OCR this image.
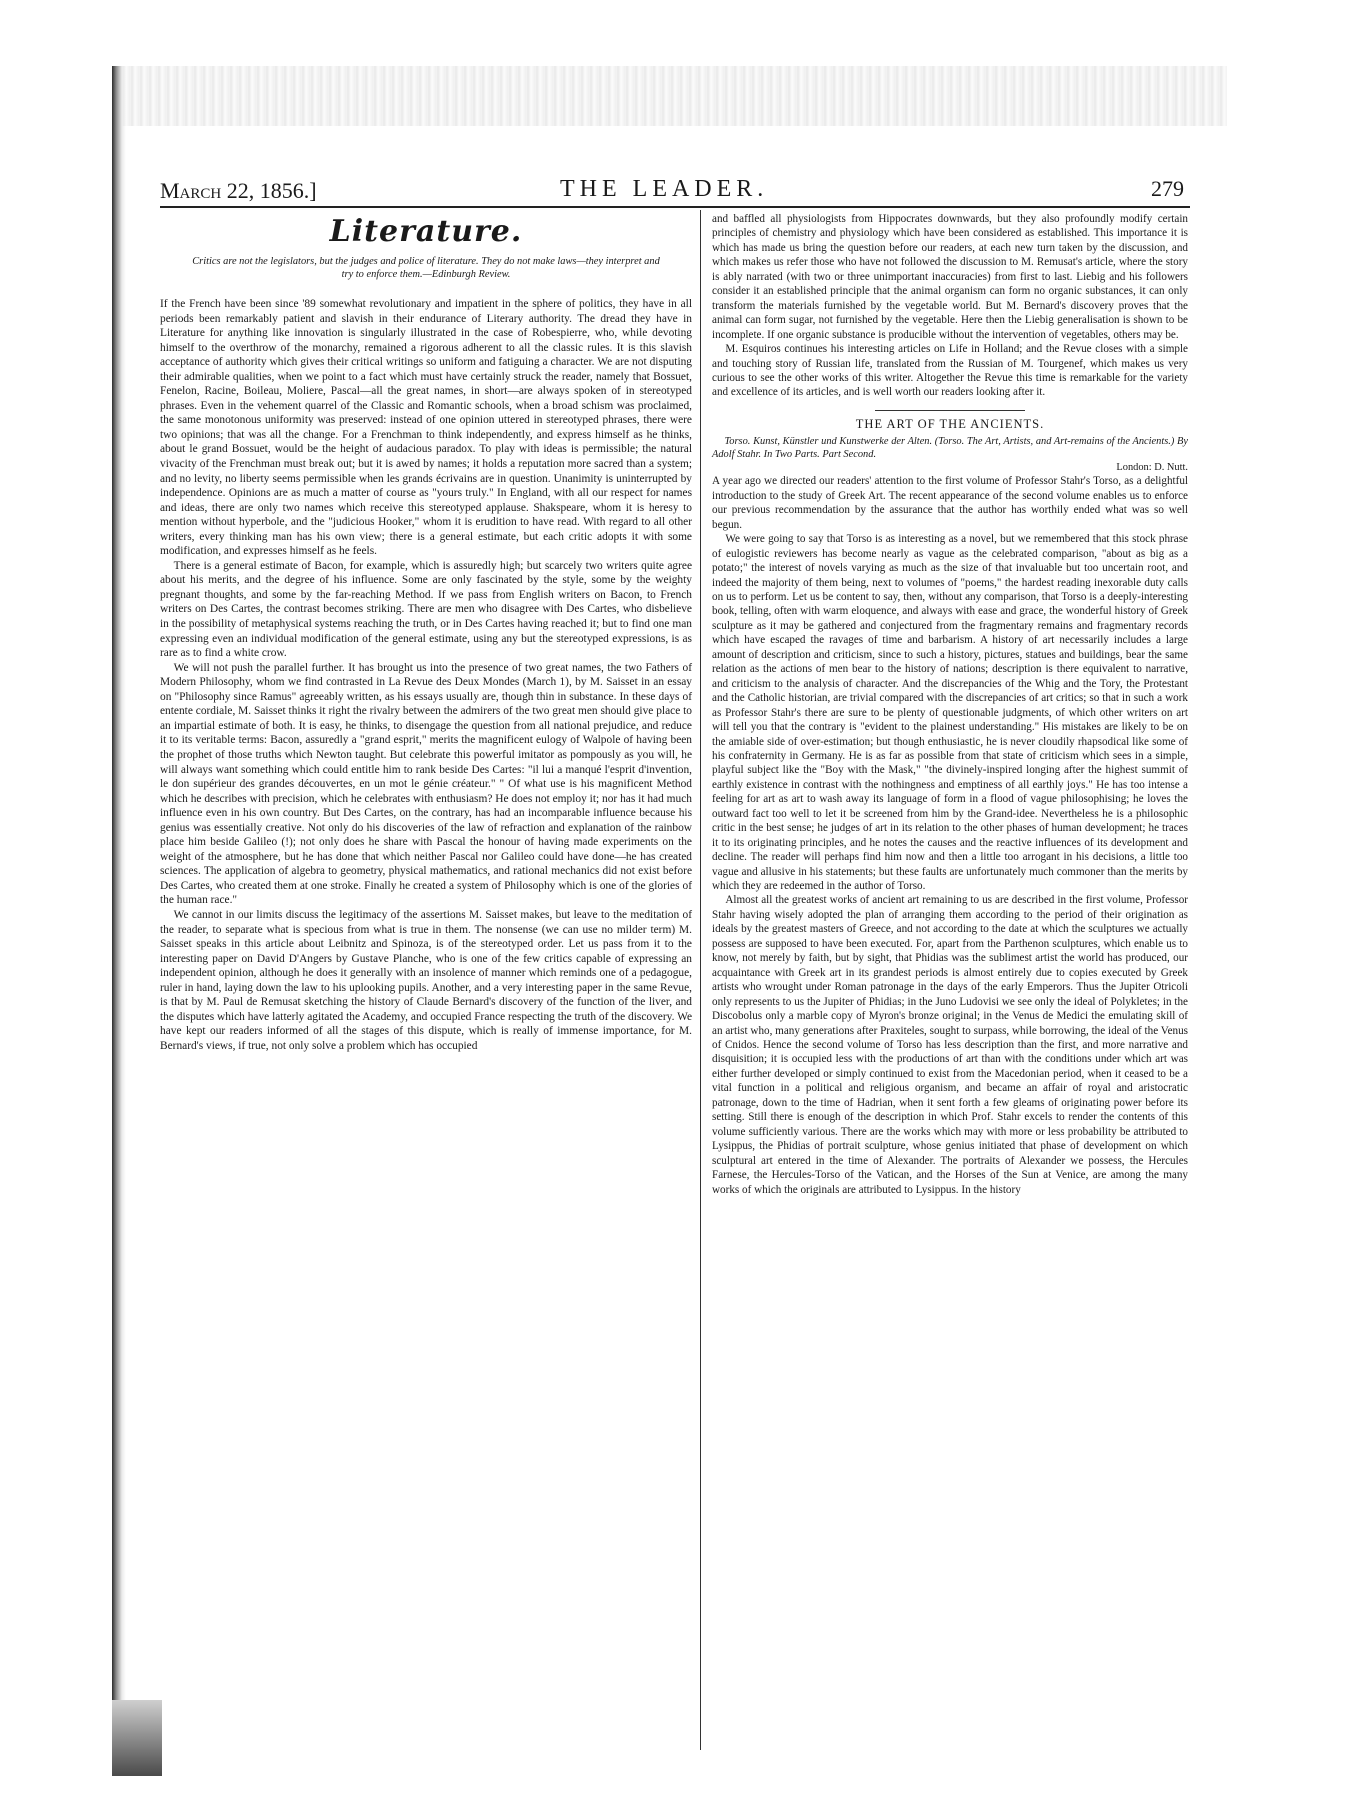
March 22, 1856.]	THE LEADER.	279
Literature.
Critics are not the legislators, but the judges and police of literature. They do not make laws—they interpret and try to enforce them.—Edinburgh Review.

If the French have been since '89 somewhat revolutionary and impatient in the sphere of politics, they have in all periods been remarkably patient and slavish in their endurance of Literary authority. The dread they have in Literature for anything like innovation is singularly illustrated in the case of Robespierre, who, while devoting himself to the overthrow of the monarchy, remained a rigorous adherent to all the classic rules. It is this slavish acceptance of authority which gives their critical writings so uniform and fatiguing a character. We are not disputing their admirable qualities, when we point to a fact which must have certainly struck the reader, namely that Bossuet, Fenelon, Racine, Boileau, Moliere, Pascal—all the great names, in short—are always spoken of in stereotyped phrases. Even in the vehement quarrel of the Classic and Romantic schools, when a broad schism was proclaimed, the same monotonous uniformity was preserved: instead of one opinion uttered in stereotyped phrases, there were two opinions; that was all the change. For a Frenchman to think independently, and express himself as he thinks, about le grand Bossuet, would be the height of audacious paradox. To play with ideas is permissible; the natural vivacity of the Frenchman must break out; but it is awed by names; it holds a reputation more sacred than a system; and no levity, no liberty seems permissible when les grands écrivains are in question. Unanimity is uninterrupted by independence. Opinions are as much a matter of course as "yours truly." In England, with all our respect for names and ideas, there are only two names which receive this stereotyped applause. Shakspeare, whom it is heresy to mention without hyperbole, and the "judicious Hooker," whom it is erudition to have read. With regard to all other writers, every thinking man has his own view; there is a general estimate, but each critic adopts it with some modification, and expresses himself as he feels.

There is a general estimate of Bacon, for example, which is assuredly high; but scarcely two writers quite agree about his merits, and the degree of his influence. Some are only fascinated by the style, some by the weighty pregnant thoughts, and some by the far-reaching Method. If we pass from English writers on Bacon, to French writers on Des Cartes, the contrast becomes striking. There are men who disagree with Des Cartes, who disbelieve in the possibility of metaphysical systems reaching the truth, or in Des Cartes having reached it; but to find one man expressing even an individual modification of the general estimate, using any but the stereotyped expressions, is as rare as to find a white crow.

We will not push the parallel further. It has brought us into the presence of two great names, the two Fathers of Modern Philosophy, whom we find contrasted in La Revue des Deux Mondes (March 1), by M. Saisset in an essay on "Philosophy since Ramus" agreeably written, as his essays usually are, though thin in substance. In these days of entente cordiale, M. Saisset thinks it right the rivalry between the admirers of the two great men should give place to an impartial estimate of both. It is easy, he thinks, to disengage the question from all national prejudice, and reduce it to its veritable terms: Bacon, assuredly a "grand esprit," merits the magnificent eulogy of Walpole of having been the prophet of those truths which Newton taught. But celebrate this powerful imitator as pompously as you will, he will always want something which could entitle him to rank beside Des Cartes: "il lui a manqué l'esprit d'invention, le don supérieur des grandes découvertes, en un mot le génie créateur." " Of what use is his magnificent Method which he describes with precision, which he celebrates with enthusiasm? He does not employ it; nor has it had much influence even in his own country. But Des Cartes, on the contrary, has had an incomparable influence because his genius was essentially creative. Not only do his discoveries of the law of refraction and explanation of the rainbow place him beside Galileo (!); not only does he share with Pascal the honour of having made experiments on the weight of the atmosphere, but he has done that which neither Pascal nor Galileo could have done—he has created sciences. The application of algebra to geometry, physical mathematics, and rational mechanics did not exist before Des Cartes, who created them at one stroke. Finally he created a system of Philosophy which is one of the glories of the human race."

We cannot in our limits discuss the legitimacy of the assertions M. Saisset makes, but leave to the meditation of the reader, to separate what is specious from what is true in them. The nonsense (we can use no milder term) M. Saisset speaks in this article about Leibnitz and Spinoza, is of the stereotyped order. Let us pass from it to the interesting paper on David D'Angers by Gustave Planche, who is one of the few critics capable of expressing an independent opinion, although he does it generally with an insolence of manner which reminds one of a pedagogue, ruler in hand, laying down the law to his uplooking pupils. Another, and a very interesting paper in the same Revue, is that by M. Paul de Remusat sketching the history of Claude Bernard's discovery of the function of the liver, and the disputes which have latterly agitated the Academy, and occupied France respecting the truth of the discovery. We have kept our readers informed of all the stages of this dispute, which is really of immense importance, for M. Bernard's views, if true, not only solve a problem which has occupied

and baffled all physiologists from Hippocrates downwards, but they also profoundly modify certain principles of chemistry and physiology which have been considered as established. This importance it is which has made us bring the question before our readers, at each new turn taken by the discussion, and which makes us refer those who have not followed the discussion to M. Remusat's article, where the story is ably narrated (with two or three unimportant inaccuracies) from first to last. Liebig and his followers consider it an established principle that the animal organism can form no organic substances, it can only transform the materials furnished by the vegetable world. But M. Bernard's discovery proves that the animal can form sugar, not furnished by the vegetable. Here then the Liebig generalisation is shown to be incomplete. If one organic substance is producible without the intervention of vegetables, others may be.

M. Esquiros continues his interesting articles on Life in Holland; and the Revue closes with a simple and touching story of Russian life, translated from the Russian of M. Tourgenef, which makes us very curious to see the other works of this writer. Altogether the Revue this time is remarkable for the variety and excellence of its articles, and is well worth our readers looking after it.

THE ART OF THE ANCIENTS.

Torso. Kunst, Künstler und Kunstwerke der Alten. (Torso. The Art, Artists, and Art-remains of the Ancients.) By Adolf Stahr. In Two Parts. Part Second.
London: D. Nutt.

A year ago we directed our readers' attention to the first volume of Professor Stahr's Torso, as a delightful introduction to the study of Greek Art. The recent appearance of the second volume enables us to enforce our previous recommendation by the assurance that the author has worthily ended what was so well begun.

We were going to say that Torso is as interesting as a novel, but we remembered that this stock phrase of eulogistic reviewers has become nearly as vague as the celebrated comparison, "about as big as a potato;" the interest of novels varying as much as the size of that invaluable but too uncertain root, and indeed the majority of them being, next to volumes of "poems," the hardest reading inexorable duty calls on us to perform. Let us be content to say, then, without any comparison, that Torso is a deeply-interesting book, telling, often with warm eloquence, and always with ease and grace, the wonderful history of Greek sculpture as it may be gathered and conjectured from the fragmentary remains and fragmentary records which have escaped the ravages of time and barbarism. A history of art necessarily includes a large amount of description and criticism, since to such a history, pictures, statues and buildings, bear the same relation as the actions of men bear to the history of nations; description is there equivalent to narrative, and criticism to the analysis of character. And the discrepancies of the Whig and the Tory, the Protestant and the Catholic historian, are trivial compared with the discrepancies of art critics; so that in such a work as Professor Stahr's there are sure to be plenty of questionable judgments, of which other writers on art will tell you that the contrary is "evident to the plainest understanding." His mistakes are likely to be on the amiable side of over-estimation; but though enthusiastic, he is never cloudily rhapsodical like some of his confraternity in Germany. He is as far as possible from that state of criticism which sees in a simple, playful subject like the "Boy with the Mask," "the divinely-inspired longing after the highest summit of earthly existence in contrast with the nothingness and emptiness of all earthly joys." He has too intense a feeling for art as art to wash away its language of form in a flood of vague philosophising; he loves the outward fact too well to let it be screened from him by the Grand-idee. Nevertheless he is a philosophic critic in the best sense; he judges of art in its relation to the other phases of human development; he traces it to its originating principles, and he notes the causes and the reactive influences of its development and decline. The reader will perhaps find him now and then a little too arrogant in his decisions, a little too vague and allusive in his statements; but these faults are unfortunately much commoner than the merits by which they are redeemed in the author of Torso.

Almost all the greatest works of ancient art remaining to us are described in the first volume, Professor Stahr having wisely adopted the plan of arranging them according to the period of their origination as ideals by the greatest masters of Greece, and not according to the date at which the sculptures we actually possess are supposed to have been executed. For, apart from the Parthenon sculptures, which enable us to know, not merely by faith, but by sight, that Phidias was the sublimest artist the world has produced, our acquaintance with Greek art in its grandest periods is almost entirely due to copies executed by Greek artists who wrought under Roman patronage in the days of the early Emperors. Thus the Jupiter Otricoli only represents to us the Jupiter of Phidias; in the Juno Ludovisi we see only the ideal of Polykletes; in the Discobolus only a marble copy of Myron's bronze original; in the Venus de Medici the emulating skill of an artist who, many generations after Praxiteles, sought to surpass, while borrowing, the ideal of the Venus of Cnidos. Hence the second volume of Torso has less description than the first, and more narrative and disquisition; it is occupied less with the productions of art than with the conditions under which art was either further developed or simply continued to exist from the Macedonian period, when it ceased to be a vital function in a political and religious organism, and became an affair of royal and aristocratic patronage, down to the time of Hadrian, when it sent forth a few gleams of originating power before its setting. Still there is enough of the description in which Prof. Stahr excels to render the contents of this volume sufficiently various. There are the works which may with more or less probability be attributed to Lysippus, the Phidias of portrait sculpture, whose genius initiated that phase of development on which sculptural art entered in the time of Alexander. The portraits of Alexander we possess, the Hercules Farnese, the Hercules-Torso of the Vatican, and the Horses of the Sun at Venice, are among the many works of which the originals are attributed to Lysippus. In the history
